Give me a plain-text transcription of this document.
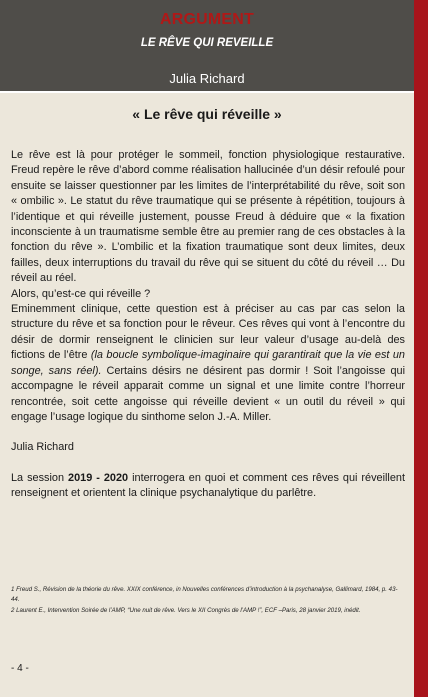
ARGUMENT
LE RÊVE QUI REVEILLE
Julia Richard
« Le rêve qui réveille »

Le rêve est là pour protéger le sommeil, fonction physiologique restaurative. Freud repère le rêve d’abord comme réalisation hallucinée d’un désir refoulé pour ensuite se laisser questionner par les limites de l’interprétabilité du rêve, soit son « ombilic ». Le statut du rêve traumatique qui se présente à répétition, toujours à l’identique et qui réveille justement, pousse Freud à déduire que « la fixation inconsciente à un traumatisme semble être au premier rang de ces obstacles à la fonction du rêve ». L’ombilic et la fixation traumatique sont deux limites, deux failles, deux interruptions du travail du rêve qui se situent du côté du réveil … Du réveil au réel.

Alors, qu’est-ce qui réveille ?

Eminemment clinique, cette question est à préciser au cas par cas selon la structure du rêve et sa fonction pour le rêveur. Ces rêves qui vont à l’encontre du désir de dormir renseignent le clinicien sur leur valeur d’usage au-delà des fictions de l’être (la boucle symbolique-imaginaire qui garantirait que la vie est un songe, sans réel). Certains désirs ne désirent pas dormir ! Soit l’angoisse qui accompagne le réveil apparait comme un signal et une limite contre l’horreur rencontrée, soit cette angoisse qui réveille devient « un outil du réveil » qui engage l’usage logique du sinthome selon J.-A. Miller.

Julia Richard

La session 2019 - 2020 interrogera en quoi et comment ces rêves qui réveillent renseignent et orientent la clinique psychanalytique du parlêtre.

1 Freud S., Révision de la théorie du rêve. XXIX conférence, in Nouvelles conférences d’introduction à la psychanalyse, Gallimard, 1984, p. 43-44.

2 Laurent E., Intervention Soirée de l’AMP, “Une nuit de rêve. Vers le XII Congrès de l’AMP !”, ECF –Paris, 28 janvier 2019, inédit.

- 4 -
